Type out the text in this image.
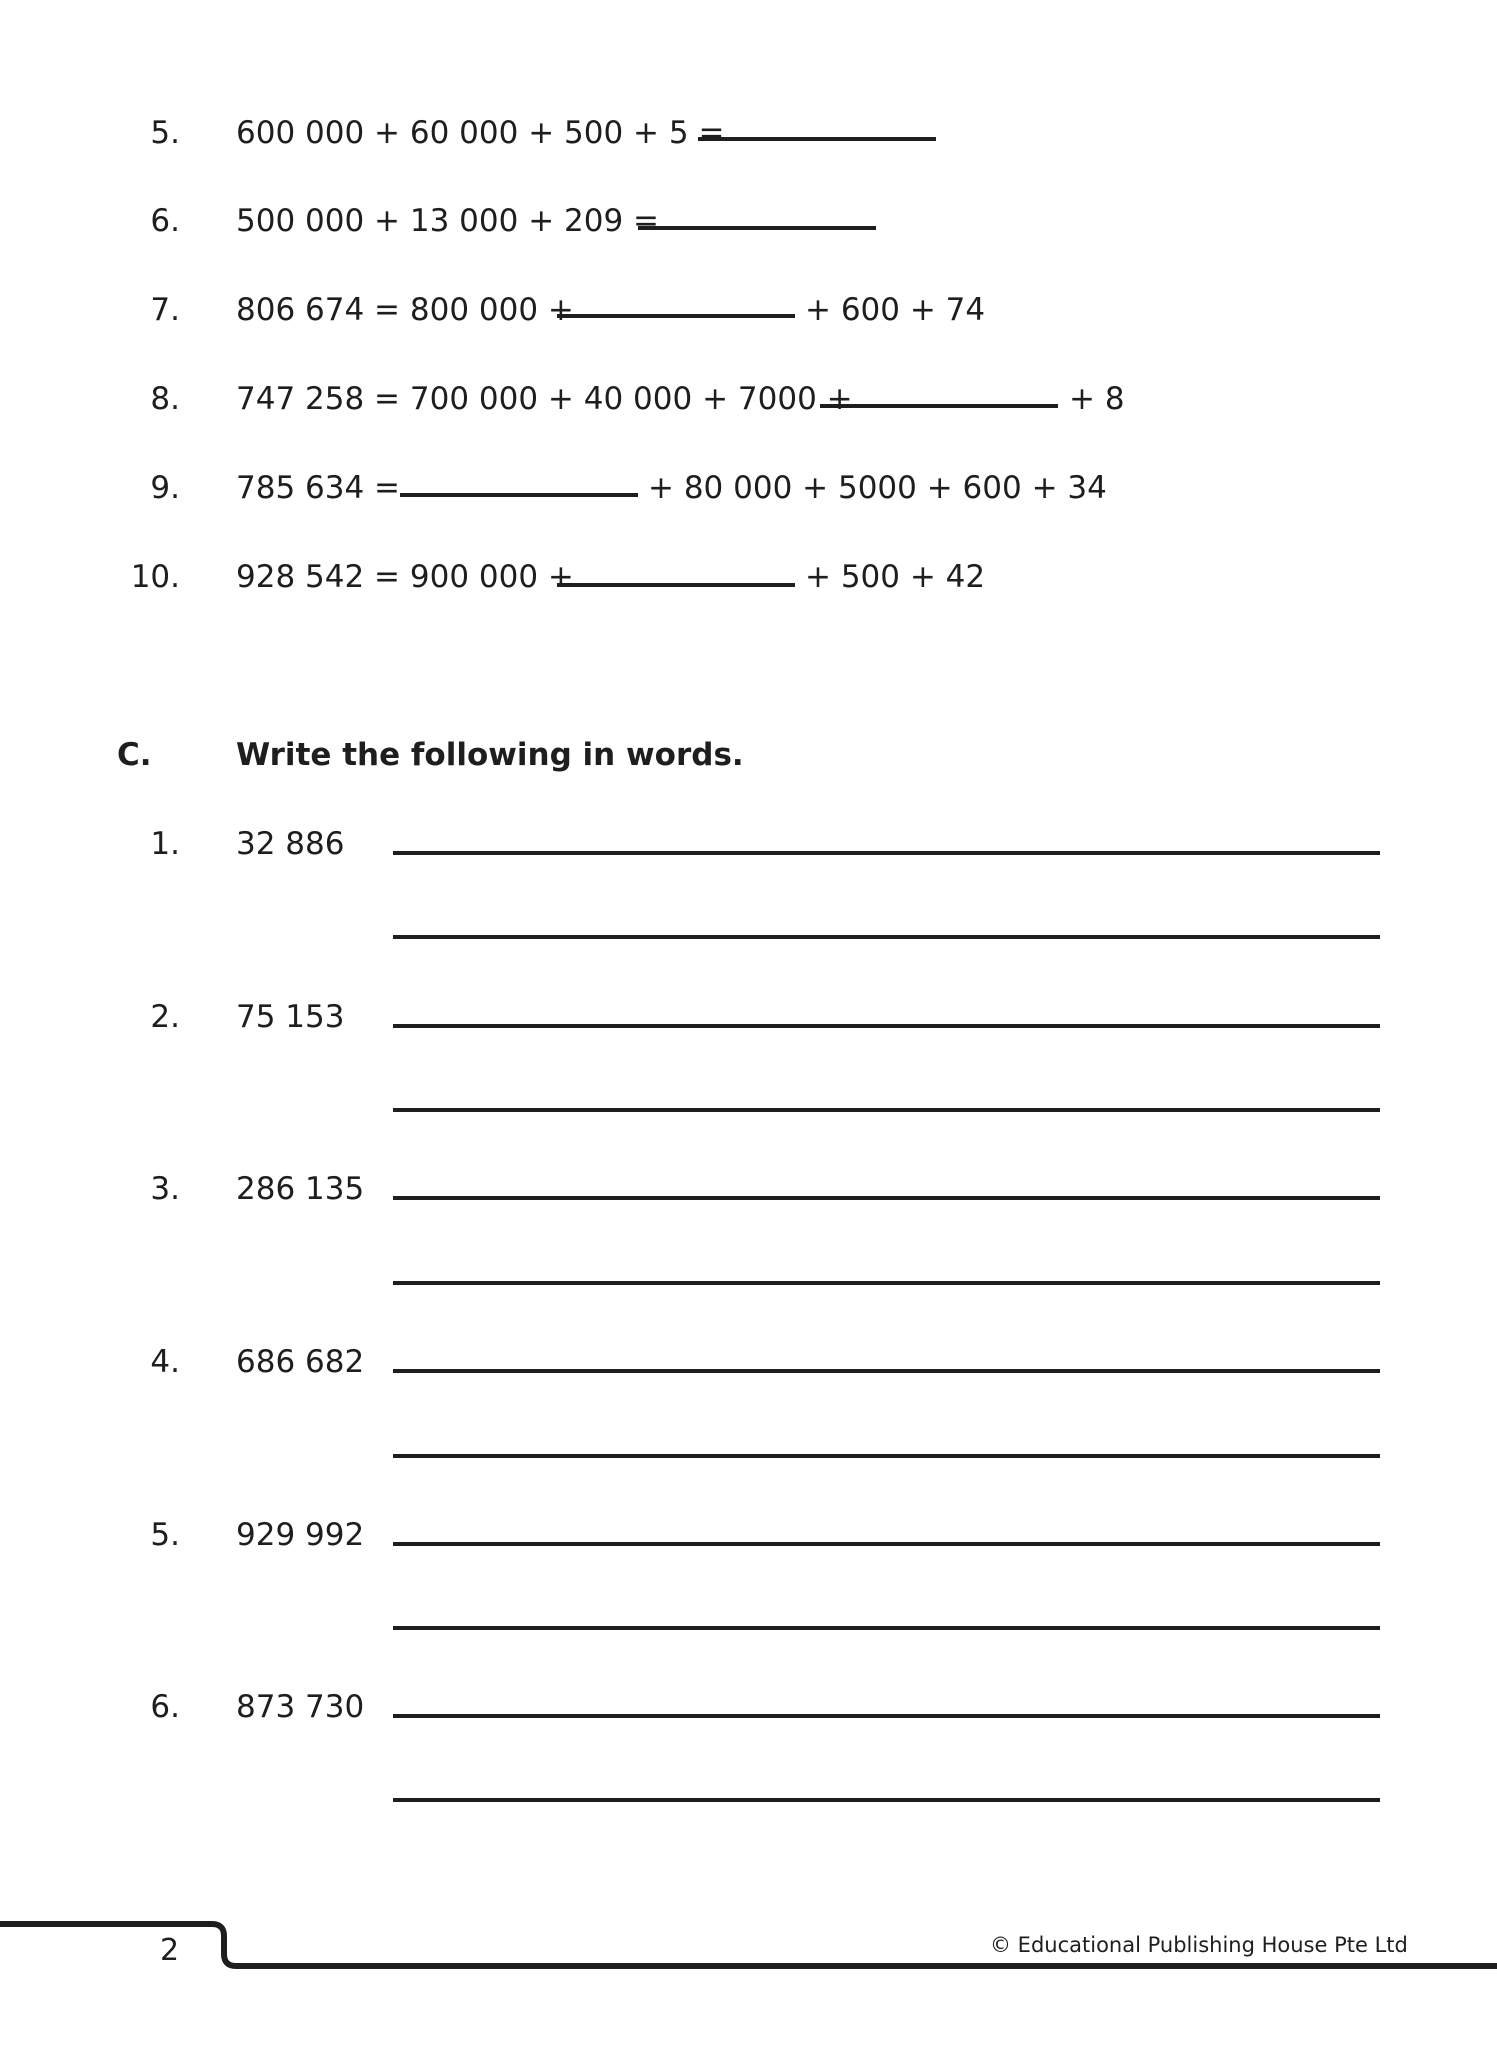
5. 600 000 + 60 000 + 500 + 5 =
6. 500 000 + 13 000 + 209 =
7. 806 674 = 800 000 +	+ 600 + 74
8. 747 258 = 700 000 + 40 000 + 7000 +	+ 8
9. 785 634 =	+ 80 000 + 5000 + 600 + 34
10. 928 542 = 900 000 +	+ 500 + 42
C.	Write the following in words.
1. 32 886
2. 75 153
3. 286 135
4. 686 682
5. 929 992
6. 873 730
2	© Educational Publishing House Pte Ltd
